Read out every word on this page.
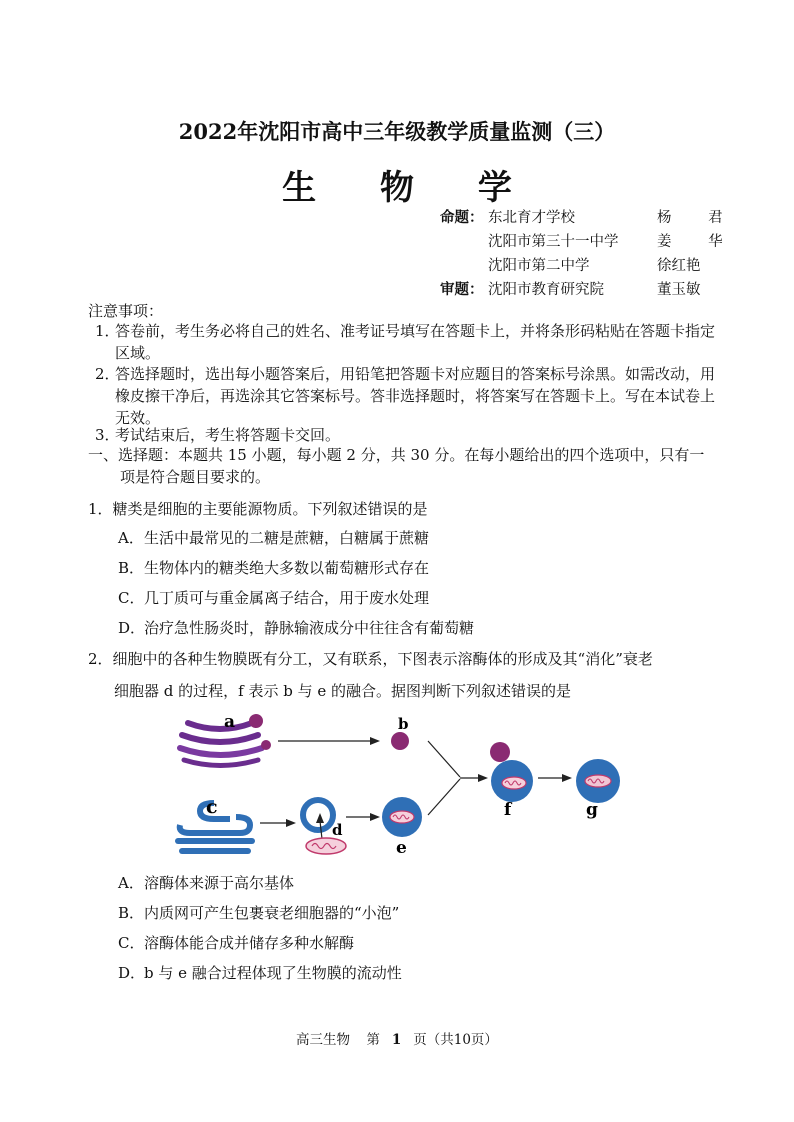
2022年沈阳市高中三年级教学质量监测（三）
生 物 学
命题： 东北育才学校	杨 君
沈阳市第三十一中学	姜 华
沈阳市第二中学	徐红艳
审题： 沈阳市教育研究院	董玉敏
注意事项：
1．
答卷前，考生务必将自己的姓名、准考证号填写在答题卡上，并将条形码粘贴在答题卡指定区域。
2．
答选择题时，选出每小题答案后，用铅笔把答题卡对应题目的答案标号涂黑。如需改动，用橡皮擦干净后，再选涂其它答案标号。答非选择题时，将答案写在答题卡上。写在本试卷上无效。
3．
考试结束后，考生将答题卡交回。
一、选择题：本题共 15 小题，每小题 2 分，共 30 分。在每小题给出的四个选项中，只有一项是符合题目要求的。
1．糖类是细胞的主要能源物质。下列叙述错误的是
A．生活中最常见的二糖是蔗糖，白糖属于蔗糖
B．生物体内的糖类绝大多数以葡萄糖形式存在
C．几丁质可与重金属离子结合，用于废水处理
D．治疗急性肠炎时，静脉输液成分中往往含有葡萄糖
2．细胞中的各种生物膜既有分工，又有联系，下图表示溶酶体的形成及其“消化”衰老
细胞器 d 的过程，f 表示 b 与 e 的融合。据图判断下列叙述错误的是
a	b
c
d
e
f	g
A．溶酶体来源于高尔基体
B．内质网可产生包裹衰老细胞器的“小泡”
C．溶酶体能合成并储存多种水解酶
D．b 与 e 融合过程体现了生物膜的流动性
高三生物 第 1 页（共10页）
